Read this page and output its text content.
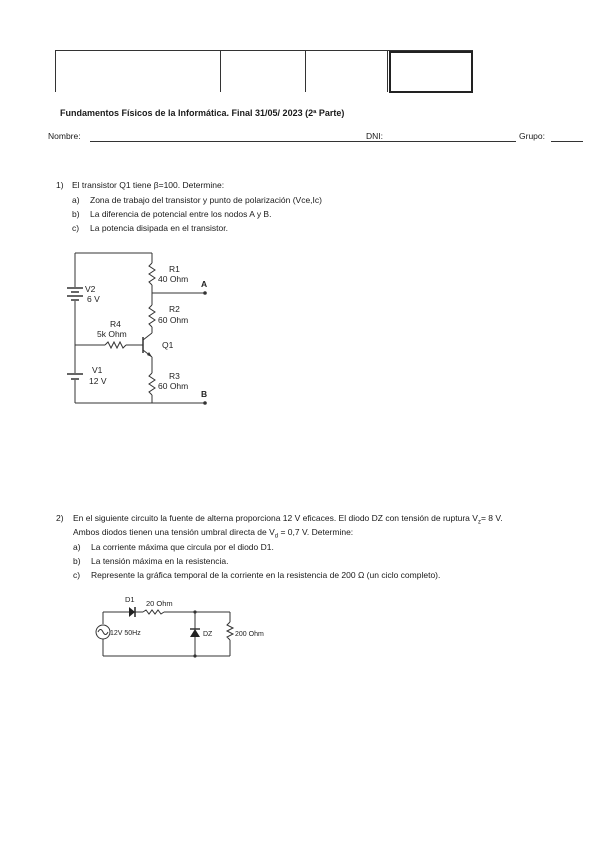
Fundamentos Físicos de la Informática. Final 31/05/ 2023 (2ª Parte)
Nombre:	DNI:	Grupo:
1) El transistor Q1 tiene β=100. Determine:
a) Zona de trabajo del transistor y punto de polarización (Vce,Ic)
b) La diferencia de potencial entre los nodos A y B.
c) La potencia disipada en el transistor.
R1
40 Ohm A
R2
60 Ohm
V2
6 V
R4
5k Ohm
Q1
V1
12 V	R3
60 Ohm
B
2) En el siguiente circuito la fuente de alterna proporciona 12 V eficaces. El diodo DZ con tensión de ruptura $V_z= 8$ V.
Ambos diodos tienen una tensión umbral directa de $V_d = 0,7$ V. Determine:
a) La corriente máxima que circula por el diodo D1.
b) La tensión máxima en la resistencia.
c) Represente la gráfica temporal de la corriente en la resistencia de 200 Ω (un ciclo completo).
D1 20 Ohm
12V 50Hz	DZ	200 Ohm
